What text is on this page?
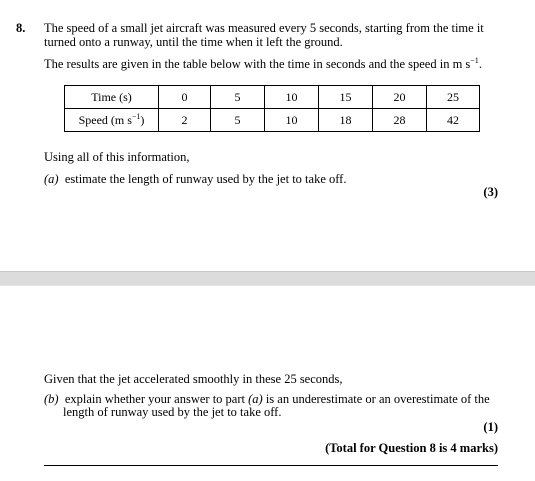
8. The speed of a small jet aircraft was measured every 5 seconds, starting from the time it
turned onto a runway, until the time when it left the ground.
The results are given in the table below with the time in seconds and the speed in m $s^{-1}$.
Time (s)	0	5	10	15	20	25
Speed (m $s^{-1}$)	2	5	10	18	28	42
Using all of this information,
(a) estimate the length of runway used by the jet to take off.
(3)
Given that the jet accelerated smoothly in these 25 seconds,
(b) explain whether your answer to part (a) is an underestimate or an overestimate of the
length of runway used by the jet to take off.
(1)
(Total for Question 8 is 4 marks)
